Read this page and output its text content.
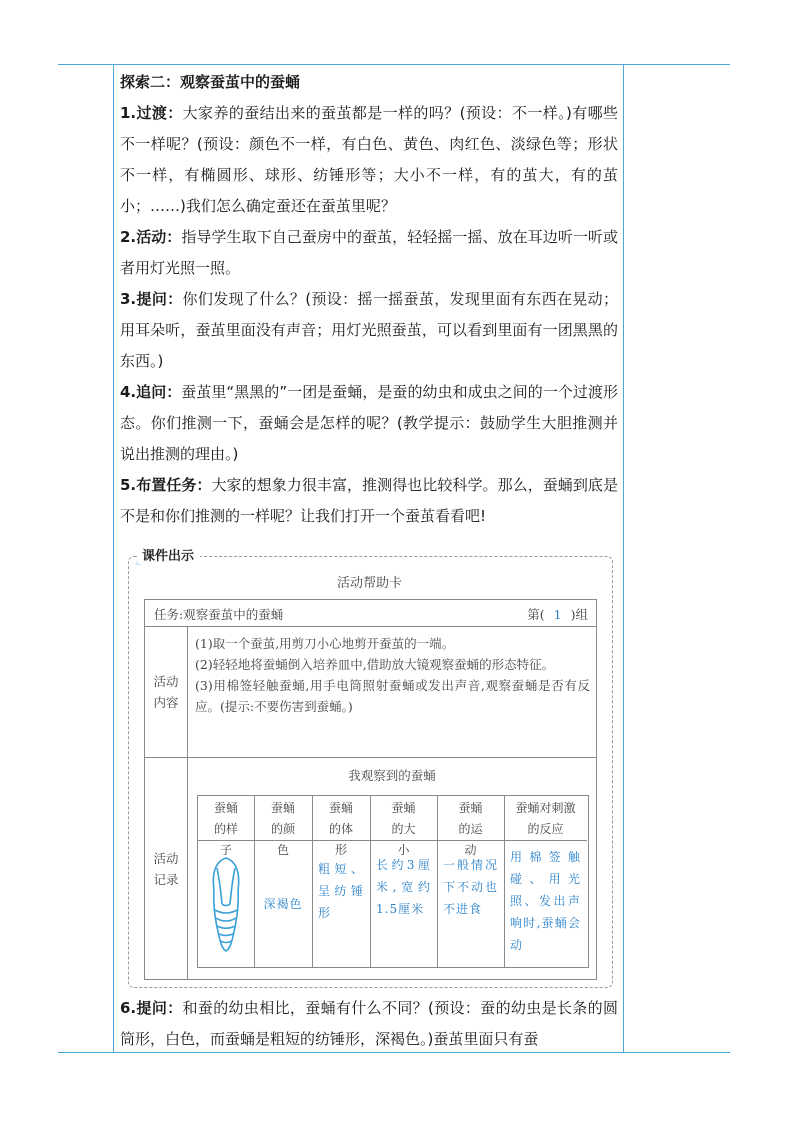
探索二：观察蚕茧中的蚕蛹

1.过渡：大家养的蚕结出来的蚕茧都是一样的吗？(预设：不一样。)有哪些不一样呢？(预设：颜色不一样，有白色、黄色、肉红色、淡绿色等；形状不一样，有椭圆形、球形、纺锤形等；大小不一样，有的茧大，有的茧小；……)我们怎么确定蚕还在蚕茧里呢？

2.活动：指导学生取下自己蚕房中的蚕茧，轻轻摇一摇、放在耳边听一听或者用灯光照一照。

3.提问：你们发现了什么？(预设：摇一摇蚕茧，发现里面有东西在晃动；用耳朵听，蚕茧里面没有声音；用灯光照蚕茧，可以看到里面有一团黑黑的东西。)

4.追问：蚕茧里“黑黑的”一团是蚕蛹，是蚕的幼虫和成虫之间的一个过渡形态。你们推测一下，蚕蛹会是怎样的呢？(教学提示：鼓励学生大胆推测并说出推测的理由。)

5.布置任务：大家的想象力很丰富，推测得也比较科学。那么，蚕蛹到底是不是和你们推测的一样呢？让我们打开一个蚕茧看看吧!

课件出示
活动帮助卡
任务:观察蚕茧中的蚕蛹	第( 1 )组
活动内容

(1)取一个蚕茧,用剪刀小心地剪开蚕茧的一端。

(2)轻轻地将蚕蛹倒入培养皿中,借助放大镜观察蚕蛹的形态特征。

(3)用棉签轻触蚕蛹,用手电筒照射蚕蛹或发出声音,观察蚕蛹是否有反应。(提示:不要伤害到蚕蛹。)

活动记录
我观察到的蚕蛹
蚕蛹的样子
蚕蛹的颜色
深褐色
蚕蛹的体形
粗短、呈纺锤形
蚕蛹的大小
长约3厘米,宽约1.5厘米
蚕蛹的运动
一般情况下不动也不进食
蚕蛹对刺激的反应
用棉签触碰、用光照、发出声响时,蚕蛹会动

6.提问：和蚕的幼虫相比，蚕蛹有什么不同？(预设：蚕的幼虫是长条的圆筒形，白色，而蚕蛹是粗短的纺锤形，深褐色。)蚕茧里面只有蚕
